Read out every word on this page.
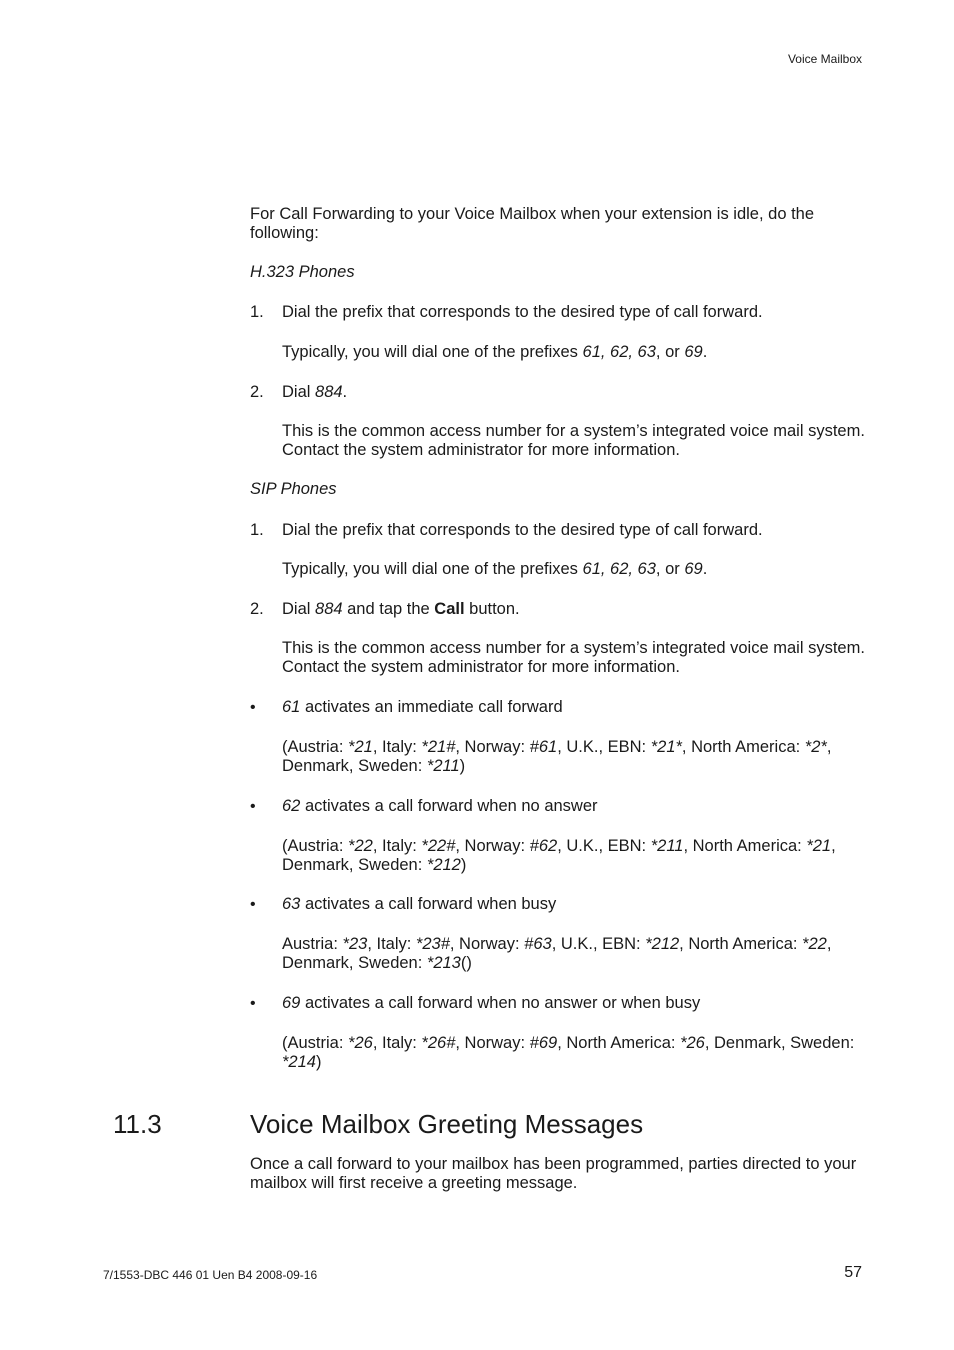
Voice Mailbox
For Call Forwarding to your Voice Mailbox when your extension is idle, do the following:
H.323 Phones
1. Dial the prefix that corresponds to the desired type of call forward.
Typically, you will dial one of the prefixes 61, 62, 63, or 69.
2. Dial 884.
This is the common access number for a system’s integrated voice mail system. Contact the system administrator for more information.
SIP Phones
1. Dial the prefix that corresponds to the desired type of call forward.
Typically, you will dial one of the prefixes 61, 62, 63, or 69.
2. Dial 884 and tap the Call button.
This is the common access number for a system’s integrated voice mail system. Contact the system administrator for more information.
• 61 activates an immediate call forward
(Austria: *21, Italy: *21#, Norway: #61, U.K., EBN: *21*, North America: *2*, Denmark, Sweden: *211)
• 62 activates a call forward when no answer
(Austria: *22, Italy: *22#, Norway: #62, U.K., EBN: *211, North America: *21, Denmark, Sweden: *212)
• 63 activates a call forward when busy
Austria: *23, Italy: *23#, Norway: #63, U.K., EBN: *212, North America: *22, Denmark, Sweden: *213()
• 69 activates a call forward when no answer or when busy
(Austria: *26, Italy: *26#, Norway: #69, North America: *26, Denmark, Sweden: *214)
11.3	Voice Mailbox Greeting Messages
Once a call forward to your mailbox has been programmed, parties directed to your mailbox will first receive a greeting message.
7/1553-DBC 446 01 Uen B4 2008-09-16	57
